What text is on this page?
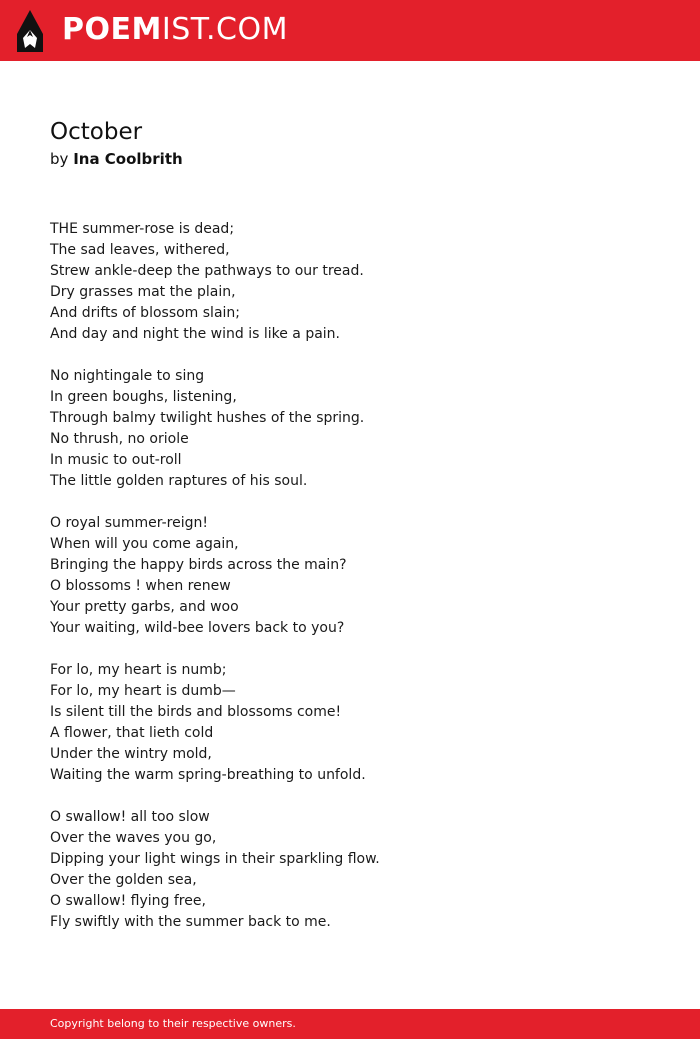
POEMIST.COM
October
by Ina Coolbrith
THE summer-rose is dead;
The sad leaves, withered,
Strew ankle-deep the pathways to our tread.
Dry grasses mat the plain,
And drifts of blossom slain;
And day and night the wind is like a pain.
No nightingale to sing
In green boughs, listening,
Through balmy twilight hushes of the spring.
No thrush, no oriole
In music to out-roll
The little golden raptures of his soul.
O royal summer-reign!
When will you come again,
Bringing the happy birds across the main?
O blossoms ! when renew
Your pretty garbs, and woo
Your waiting, wild-bee lovers back to you?
For lo, my heart is numb;
For lo, my heart is dumb—
Is silent till the birds and blossoms come!
A flower, that lieth cold
Under the wintry mold,
Waiting the warm spring-breathing to unfold.
O swallow! all too slow
Over the waves you go,
Dipping your light wings in their sparkling flow.
Over the golden sea,
O swallow! flying free,
Fly swiftly with the summer back to me.
Copyright belong to their respective owners.
